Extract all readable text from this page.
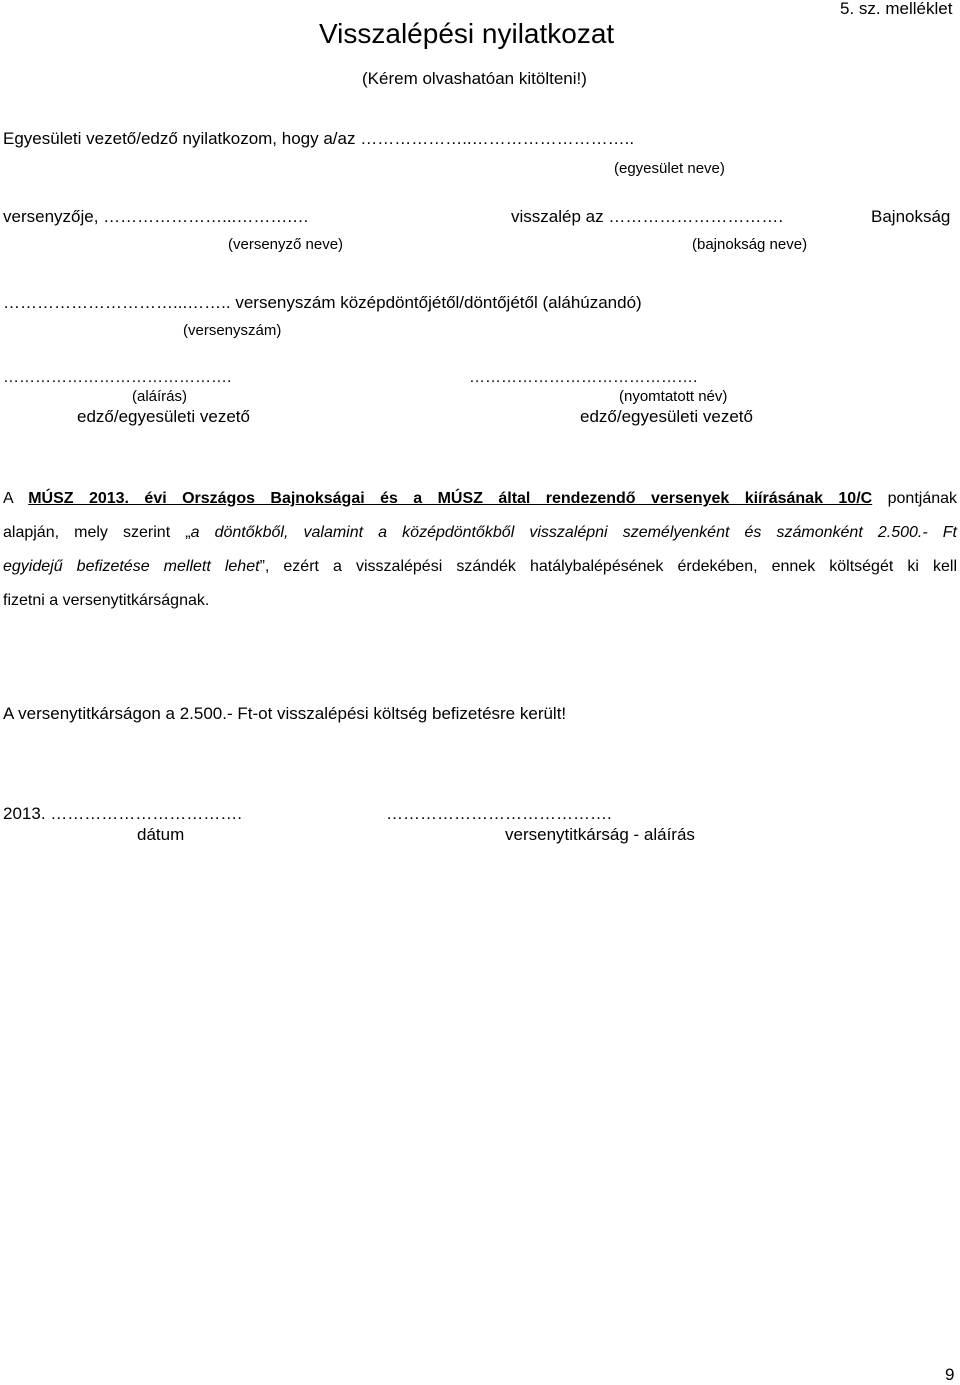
Visszalépési nyilatkozat
5. sz. melléklet
(Kérem olvashatóan kitölteni!)
Egyesületi vezető/edző nyilatkozom, hogy a/az ………………..………………………..
(egyesület neve)
versenyzője, …………………...……….…	visszalép az ………………………….	Bajnokság
(versenyző neve)	(bajnokság neve)
…………………………...…….. versenyszám középdöntőjétől/döntőjétől (aláhúzandó)
(versenyszám)
…………………………………….
(aláírás)
edző/egyesületi vezető
…………………………………….
(nyomtatott név)
edző/egyesületi vezető
A MÚSZ 2013. évi Országos Bajnokságai és a MÚSZ által rendezendő versenyek kiírásának 10/C pontjának
alapján, mely szerint „a döntőkből, valamint a középdöntőkből visszalépni személyenként és számonként 2.500.- Ft
egyidejű befizetése mellett lehet”, ezért a visszalépési szándék hatálybalépésének érdekében, ennek költségét ki kell
fizetni a versenytitkárságnak.
A versenytitkárságon a 2.500.- Ft-ot visszalépési költség befizetésre került!
2013. …………………………….
dátum
………………………………….
versenytitkárság - aláírás
9
